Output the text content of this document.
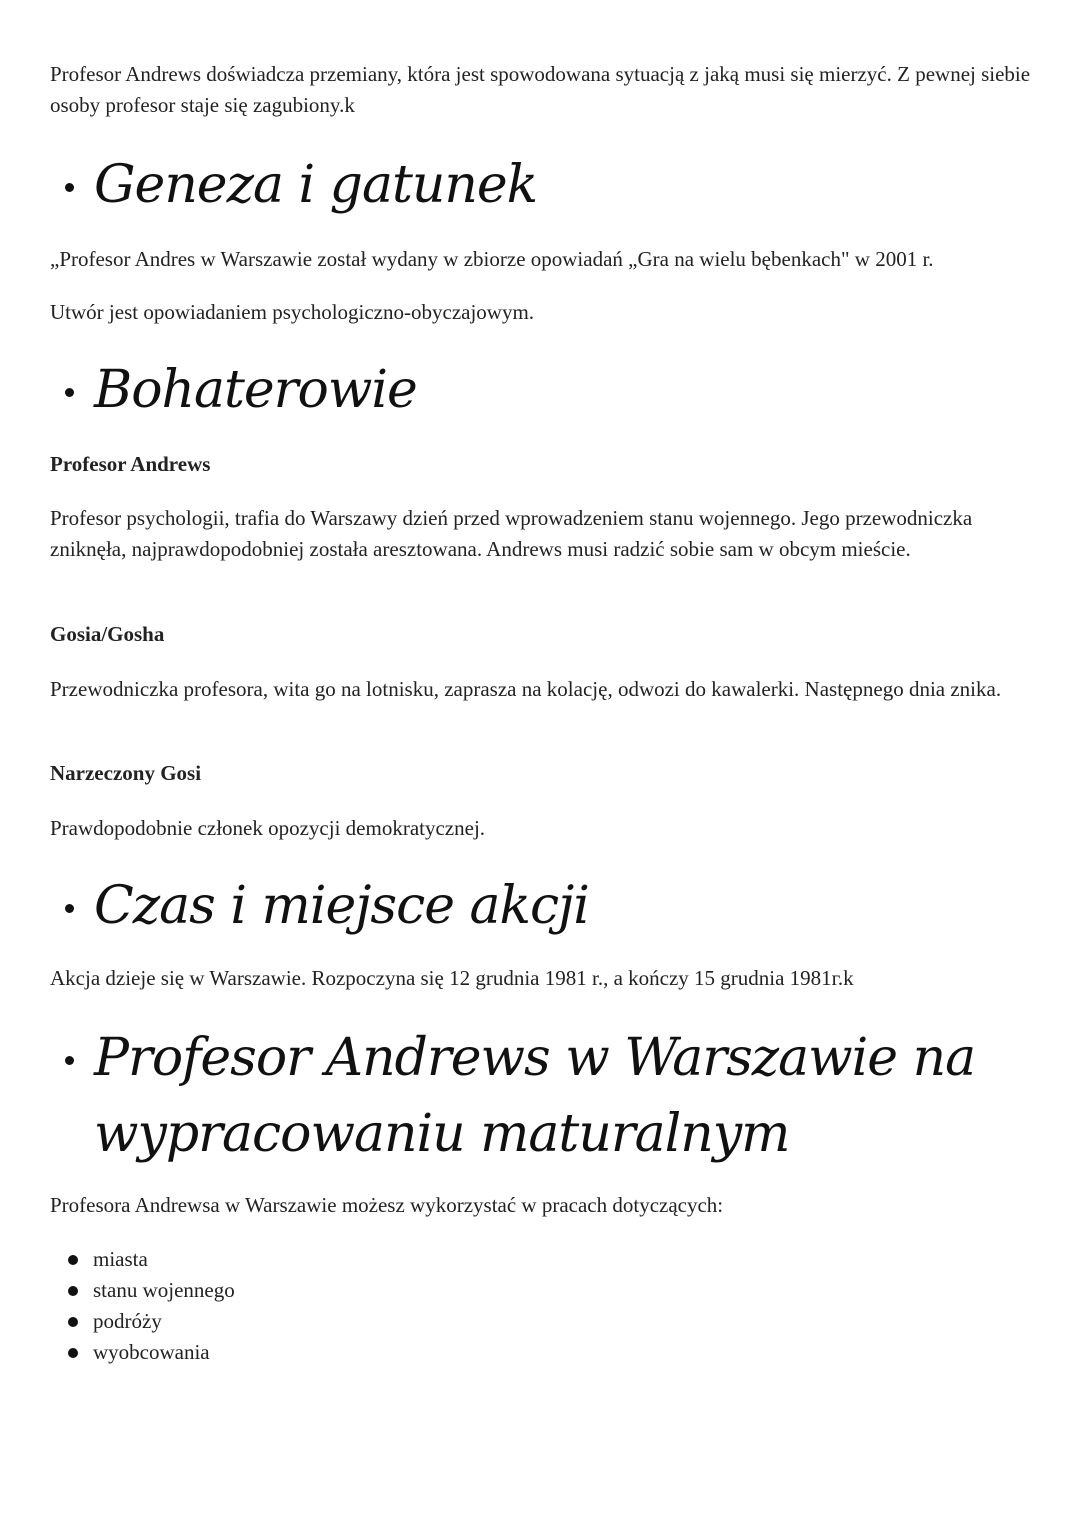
Profesor Andrews doświadcza przemiany, która jest spowodowana sytuacją z jaką musi się mierzyć. Z pewnej siebie osoby profesor staje się zagubiony.k

Geneza i gatunek

„Profesor Andres w Warszawie został wydany w zbiorze opowiadań „Gra na wielu bębenkach" w 2001 r.

Utwór jest opowiadaniem psychologiczno-obyczajowym.

Bohaterowie

Profesor Andrews

Profesor psychologii, trafia do Warszawy dzień przed wprowadzeniem stanu wojennego. Jego przewodniczka zniknęła, najprawdopodobniej została aresztowana. Andrews musi radzić sobie sam w obcym mieście.

Gosia/Gosha

Przewodniczka profesora, wita go na lotnisku, zaprasza na kolację, odwozi do kawalerki. Następnego dnia znika.

Narzeczony Gosi

Prawdopodobnie członek opozycji demokratycznej.

Czas i miejsce akcji

Akcja dzieje się w Warszawie. Rozpoczyna się 12 grudnia 1981 r., a kończy 15 grudnia 1981г.k

Profesor Andrews w Warszawie na wypracowaniu maturalnym

Profesora Andrewsa w Warszawie możesz wykorzystać w pracach dotyczących:

miasta
stanu wojennego
podróży
wyobcowania
